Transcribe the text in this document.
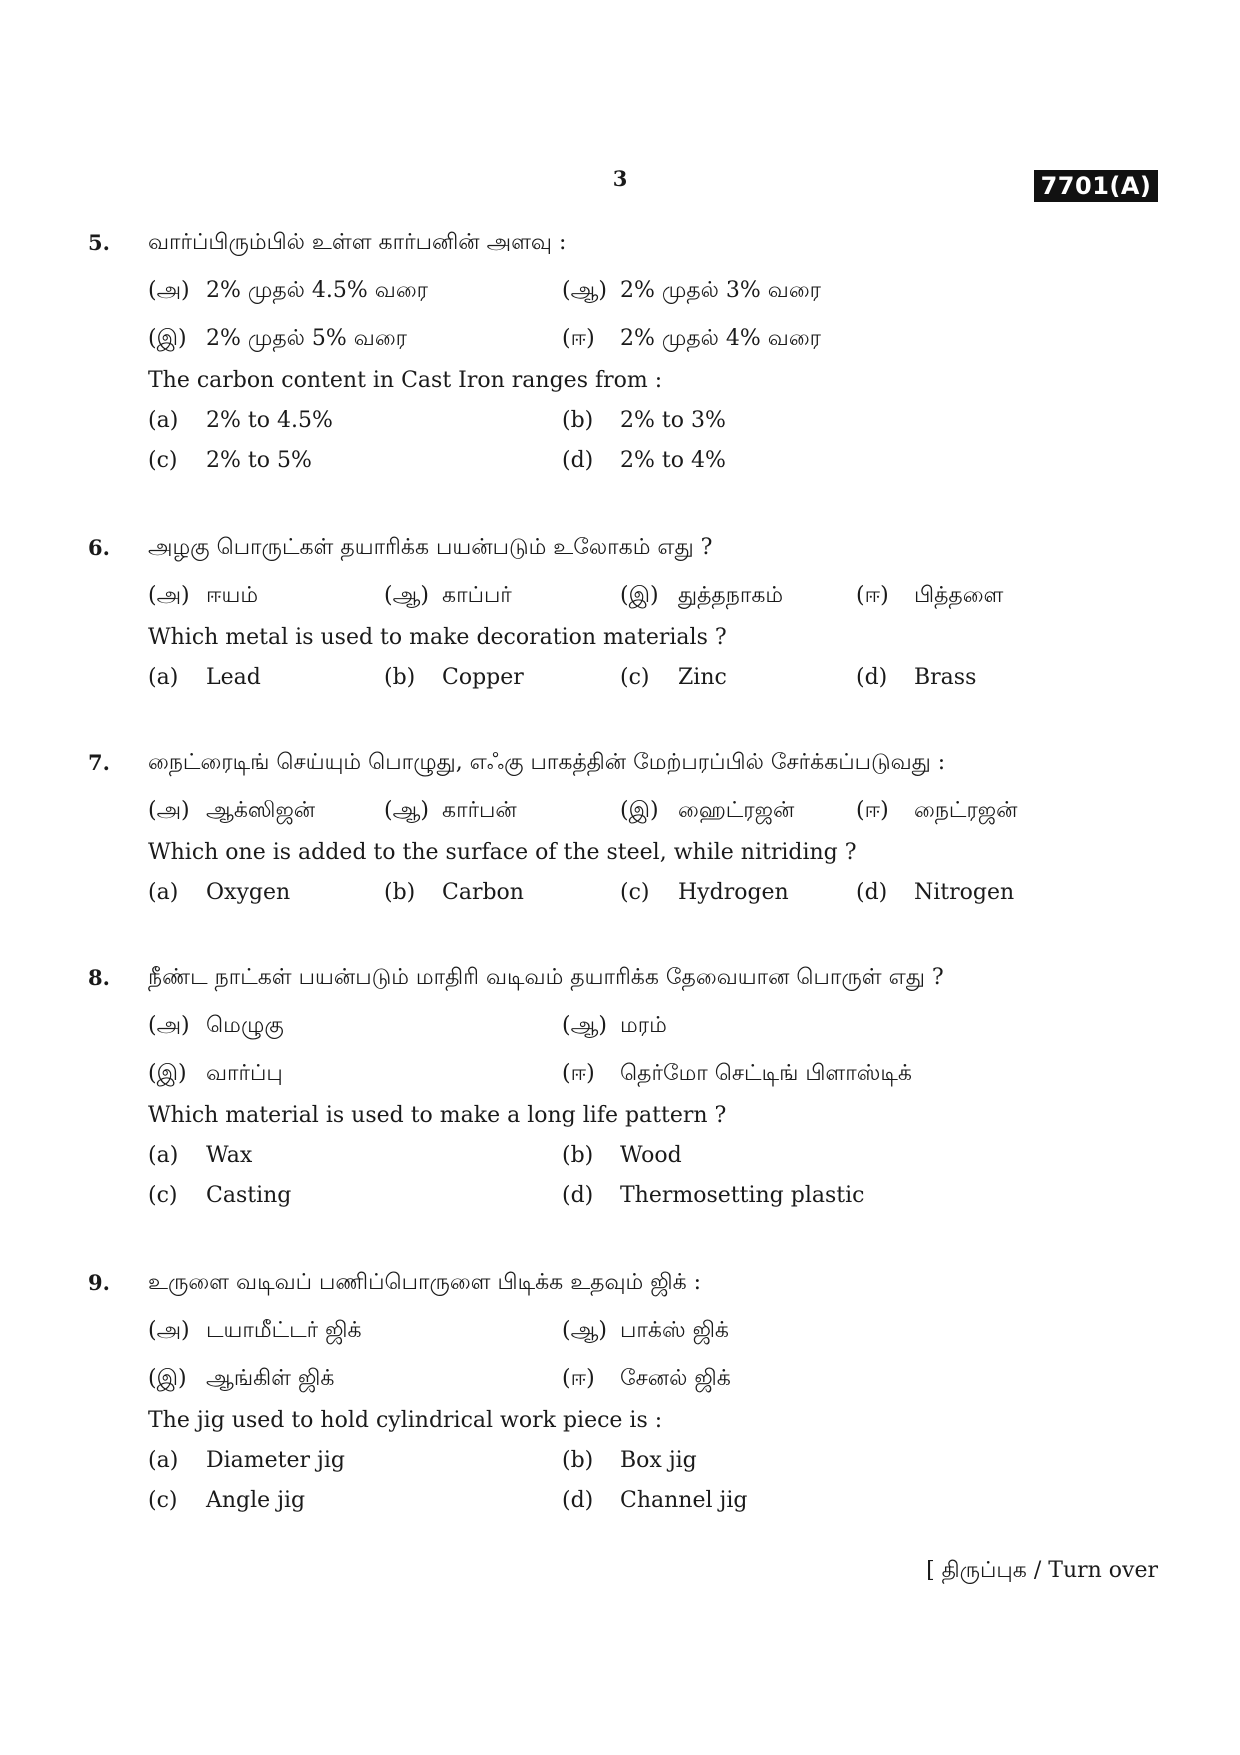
3	7701(A)
5. வார்ப்பிரும்பில் உள்ள கார்பனின் அளவு :
(அ) 2% முதல் 4.5% வரை	(ஆ) 2% முதல் 3% வரை
(இ) 2% முதல் 5% வரை	(ஈ) 2% முதல் 4% வரை
The carbon content in Cast Iron ranges from :
(a) 2% to 4.5%	(b) 2% to 3%
(c) 2% to 5%	(d) 2% to 4%
6. அழகு பொருட்கள் தயாரிக்க பயன்படும் உலோகம் எது ?
(அ) ஈயம்	(ஆ) காப்பர்	(இ) துத்தநாகம்	(ஈ) பித்தளை
Which metal is used to make decoration materials ?
(a) Lead	(b) Copper	(c) Zinc	(d) Brass
7. நைட்ரைடிங் செய்யும் பொழுது, எஃகு பாகத்தின் மேற்பரப்பில் சேர்க்கப்படுவது :
(அ) ஆக்ஸிஜன்	(ஆ) கார்பன்	(இ) ஹைட்ரஜன்	(ஈ) நைட்ரஜன்
Which one is added to the surface of the steel, while nitriding ?
(a) Oxygen	(b) Carbon	(c) Hydrogen	(d) Nitrogen
8. நீண்ட நாட்கள் பயன்படும் மாதிரி வடிவம் தயாரிக்க தேவையான பொருள் எது ?
(அ) மெழுகு	(ஆ) மரம்
(இ) வார்ப்பு	(ஈ) தெர்மோ செட்டிங் பிளாஸ்டிக்
Which material is used to make a long life pattern ?
(a) Wax	(b) Wood
(c) Casting	(d) Thermosetting plastic
9. உருளை வடிவப் பணிப்பொருளை பிடிக்க உதவும் ஜிக் :
(அ) டயாமீட்டர் ஜிக்	(ஆ) பாக்ஸ் ஜிக்
(இ) ஆங்கிள் ஜிக்	(ஈ) சேனல் ஜிக்
The jig used to hold cylindrical work piece is :
(a) Diameter jig	(b) Box jig
(c) Angle jig	(d) Channel jig
[ திருப்புக / Turn over
